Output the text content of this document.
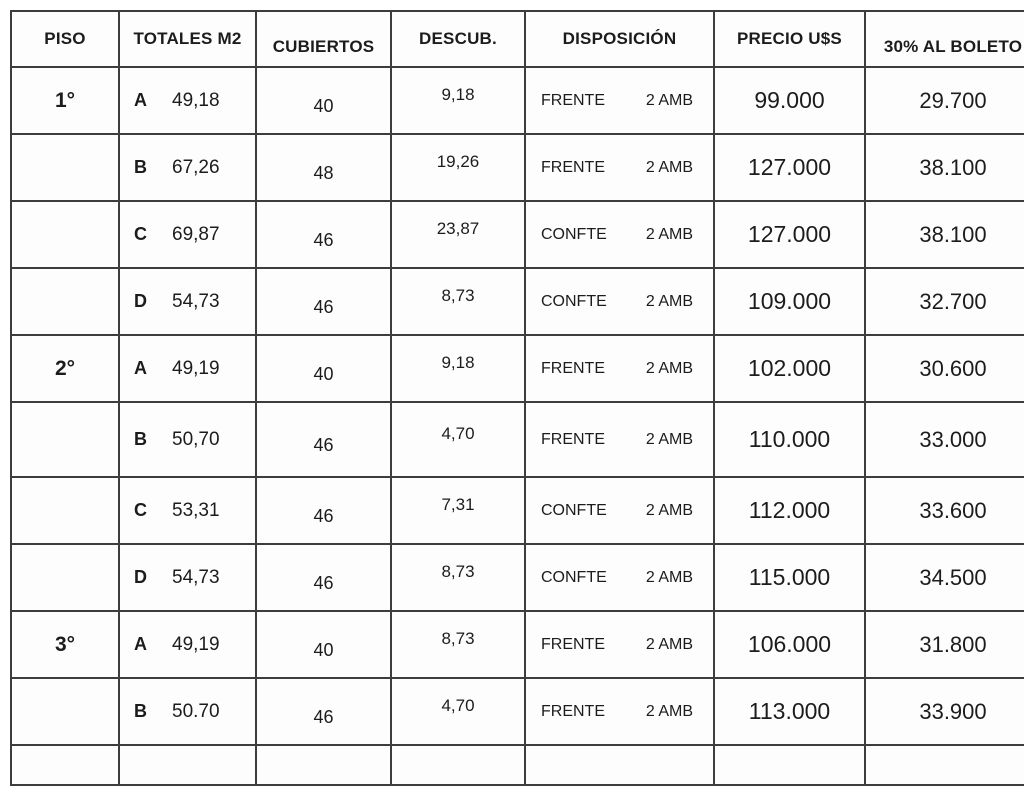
PISO	TOTALES M2	CUBIERTOS	DESCUB.	DISPOSICIÓN	PRECIO U$S	30% AL BOLETO
1°	A 49,18	40	9,18	FRENTE 2 AMB	99.000	29.700

	B 67,26	48	19,26	FRENTE 2 AMB	127.000	38.100

	C 69,87	46	23,87	CONFTE 2 AMB	127.000	38.100

	D 54,73	46	8,73	CONFTE 2 AMB	109.000	32.700
2°	A 49,19	40	9,18	FRENTE 2 AMB	102.000	30.600

	B 50,70	46	4,70	FRENTE 2 AMB	110.000	33.000

	C 53,31	46	7,31	CONFTE 2 AMB	112.000	33.600

	D 54,73	46	8,73	CONFTE 2 AMB	115.000	34.500
3°	A 49,19	40	8,73	FRENTE 2 AMB	106.000	31.800

	B 50.70	46	4,70	FRENTE 2 AMB	113.000	33.900
